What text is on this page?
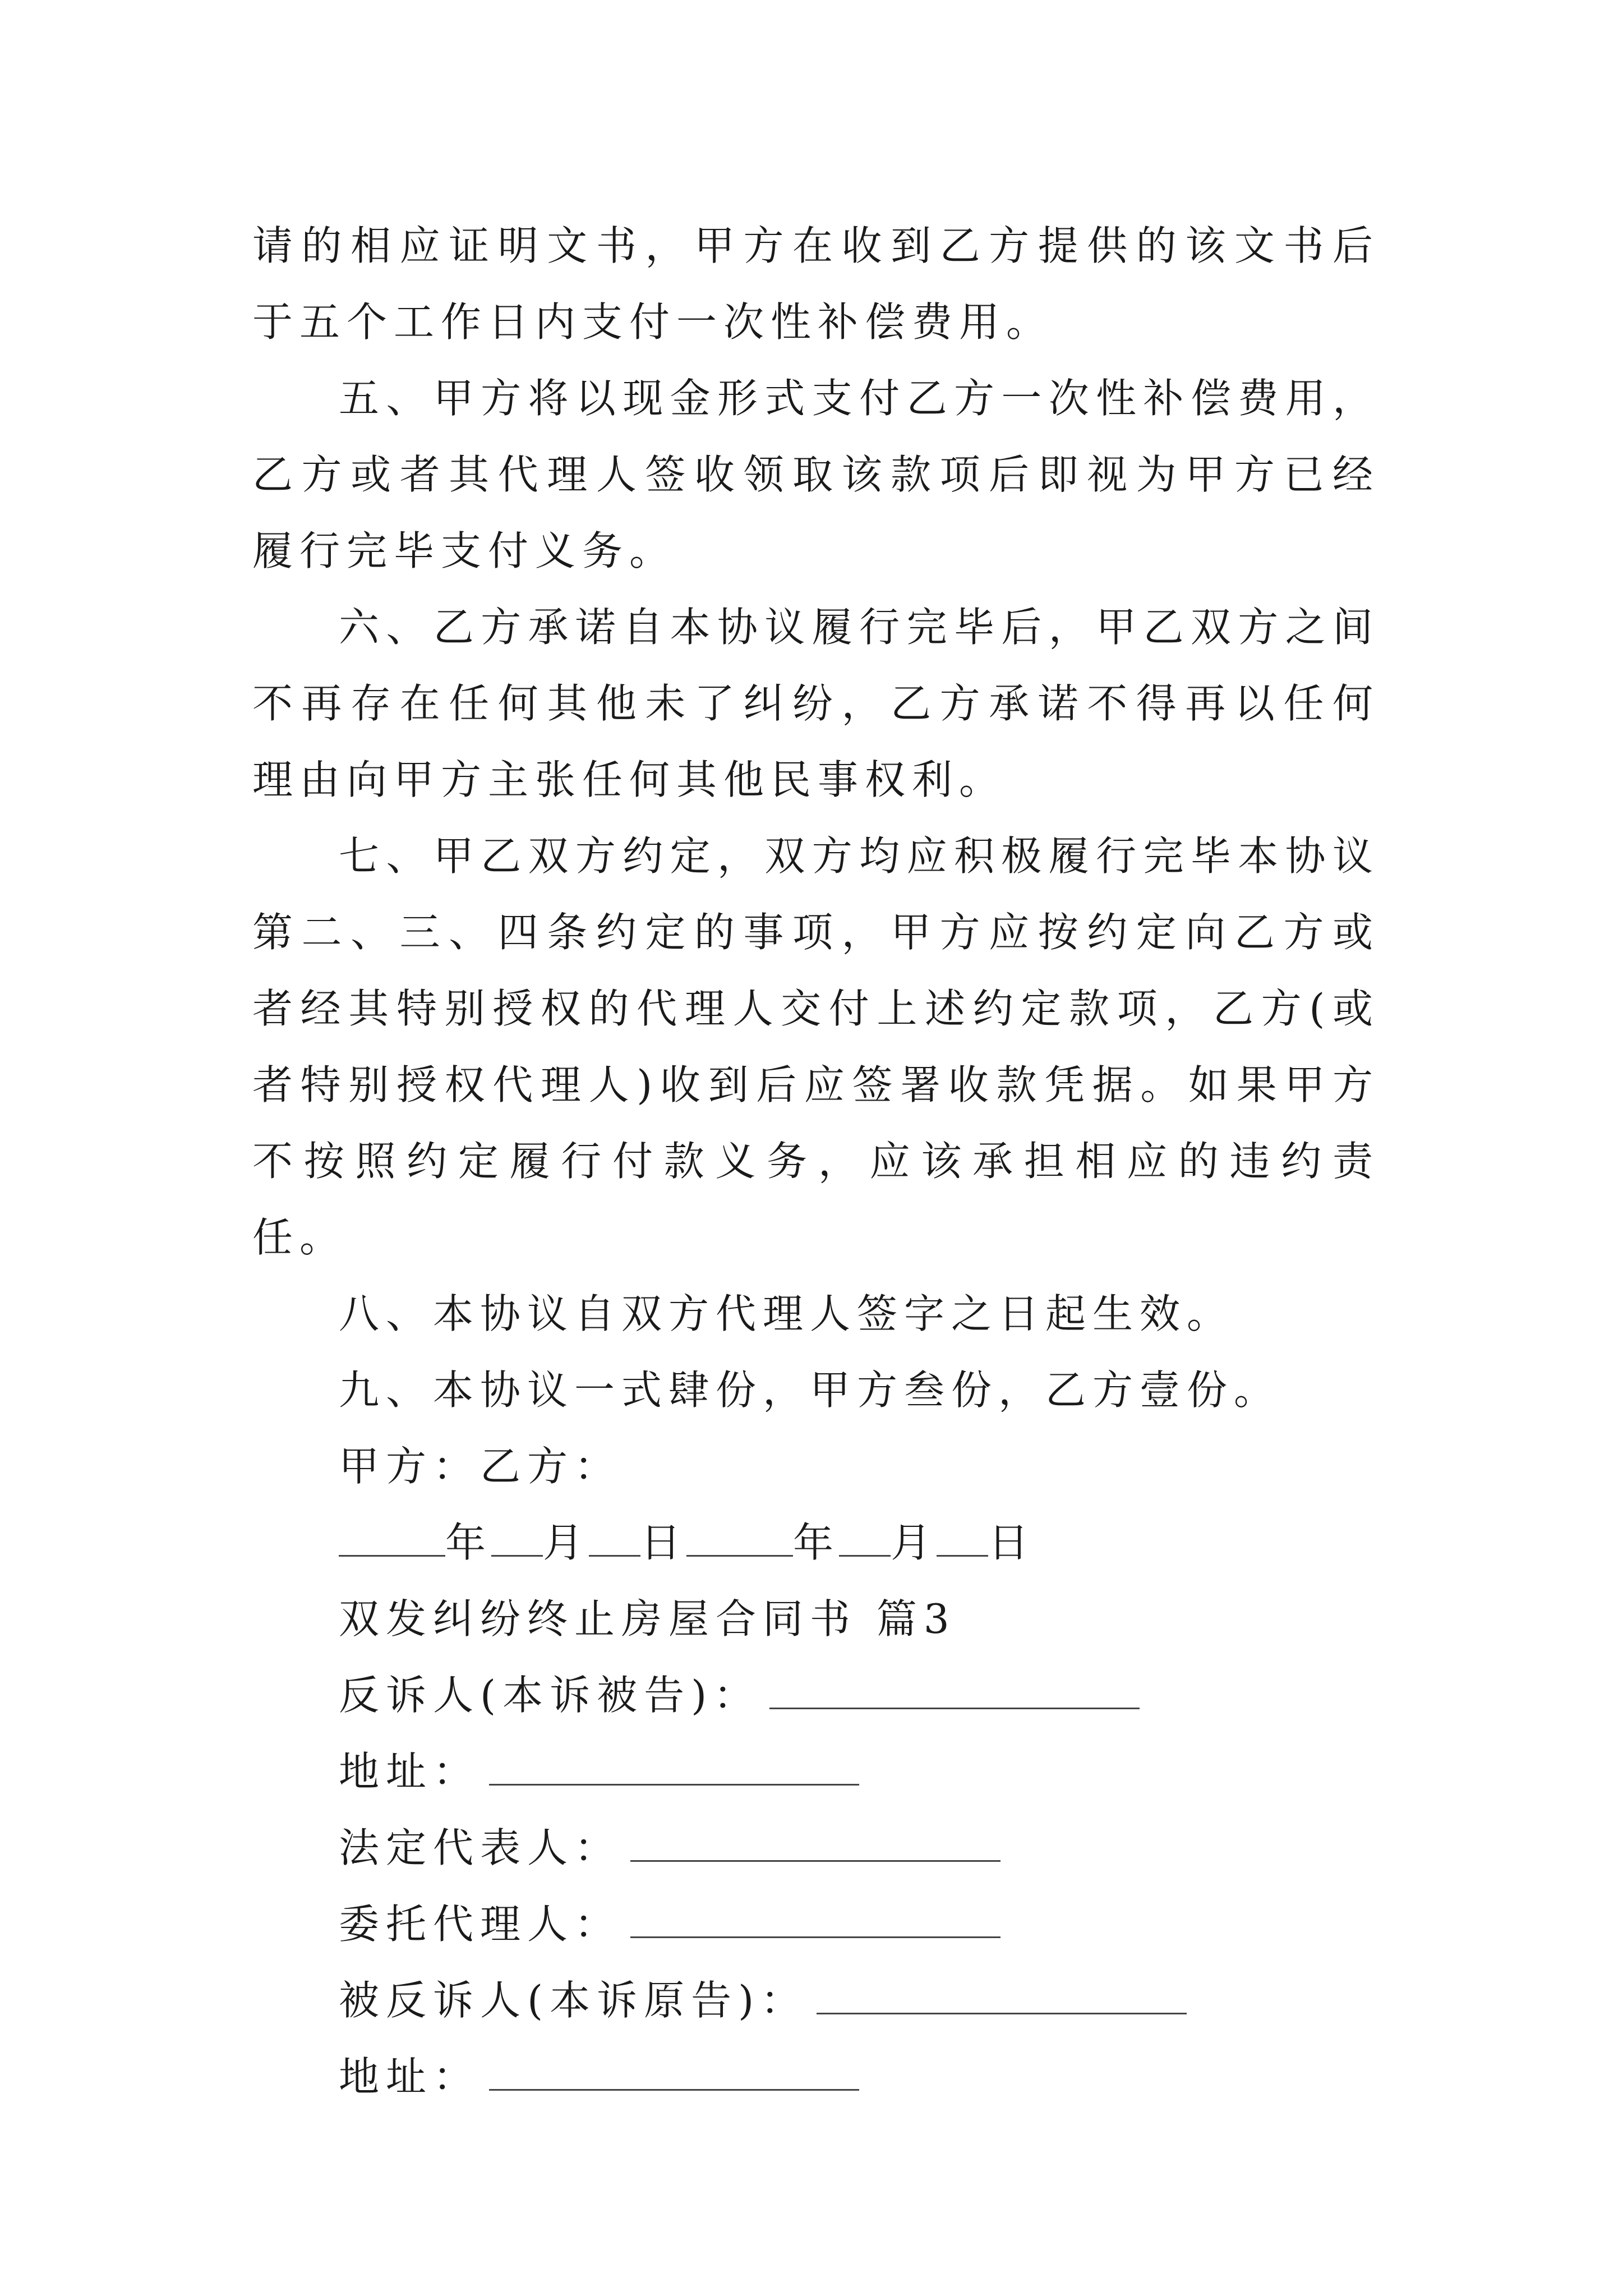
请的相应证明文书，甲方在收到乙方提供的该文书后于五个工作日内支付一次性补偿费用。

五、甲方将以现金形式支付乙方一次性补偿费用，乙方或者其代理人签收领取该款项后即视为甲方已经履行完毕支付义务。

六、乙方承诺自本协议履行完毕后，甲乙双方之间不再存在任何其他未了纠纷，乙方承诺不得再以任何理由向甲方主张任何其他民事权利。

七、甲乙双方约定，双方均应积极履行完毕本协议第二、三、四条约定的事项，甲方应按约定向乙方或者经其特别授权的代理人交付上述约定款项，乙方(或者特别授权代理人)收到后应签署收款凭据。如果甲方不按照约定履行付款义务，应该承担相应的违约责任。

八、本协议自双方代理人签字之日起生效。

九、本协议一式肆份，甲方叁份，乙方壹份。

甲方：乙方：

年 月 日	年 月 日

双发纠纷终止房屋合同书 篇3

反诉人(本诉被告)：
地址：
法定代表人：
委托代理人：
被反诉人(本诉原告)：
地址：
